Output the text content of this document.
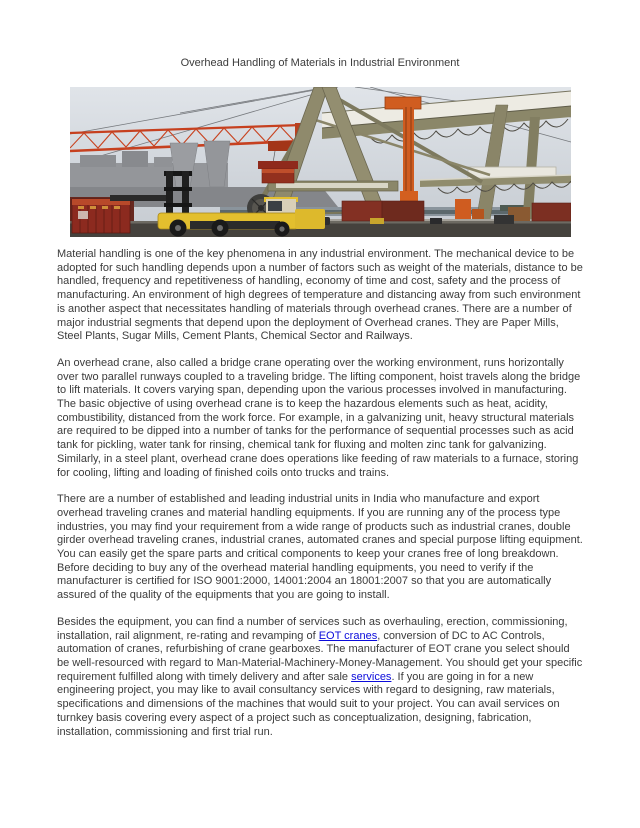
Overhead Handling of Materials in Industrial Environment

Material handling is one of the key phenomena in any industrial environment. The mechanical device to be adopted for such handling depends upon a number of factors such as weight of the materials, distance to be handled, frequency and repetitiveness of handling, economy of time and cost, safety and the process of manufacturing. An environment of high degrees of temperature and distancing away from such environment is another aspect that necessitates handling of materials through overhead cranes. There are a number of major industrial segments that depend upon the deployment of Overhead cranes. They are Paper Mills, Steel Plants, Sugar Mills, Cement Plants, Chemical Sector and Railways.

An overhead crane, also called a bridge crane operating over the working environment, runs horizontally over two parallel runways coupled to a traveling bridge. The lifting component, hoist travels along the bridge to lift materials. It covers varying span, depending upon the various processes involved in manufacturing. The basic objective of using overhead crane is to keep the hazardous elements such as heat, acidity, combustibility, distanced from the work force. For example, in a galvanizing unit, heavy structural materials are required to be dipped into a number of tanks for the performance of sequential processes such as acid tank for pickling, water tank for rinsing, chemical tank for fluxing and molten zinc tank for galvanizing. Similarly, in a steel plant, overhead crane does operations like feeding of raw materials to a furnace, storing for cooling, lifting and loading of finished coils onto trucks and trains.

There are a number of established and leading industrial units in India who manufacture and export overhead traveling cranes and material handling equipments. If you are running any of the process type industries, you may find your requirement from a wide range of products such as industrial cranes, double girder overhead traveling cranes, industrial cranes, automated cranes and special purpose lifting equipment. You can easily get the spare parts and critical components to keep your cranes free of long breakdown. Before deciding to buy any of the overhead material handling equipments, you need to verify if the manufacturer is certified for ISO 9001:2000, 14001:2004 an 18001:2007 so that you are automatically assured of the quality of the equipments that you are going to install.

Besides the equipment, you can find a number of services such as overhauling, erection, commissioning, installation, rail alignment, re-rating and revamping of EOT cranes, conversion of DC to AC Controls, automation of cranes, refurbishing of crane gearboxes. The manufacturer of EOT crane you select should be well-resourced with regard to Man-Material-Machinery-Money-Management. You should get your specific requirement fulfilled along with timely delivery and after sale services. If you are going in for a new engineering project, you may like to avail consultancy services with regard to designing, raw materials, specifications and dimensions of the machines that would suit to your project. You can avail services on turnkey basis covering every aspect of a project such as conceptualization, designing, fabrication, installation, commissioning and first trial run.
